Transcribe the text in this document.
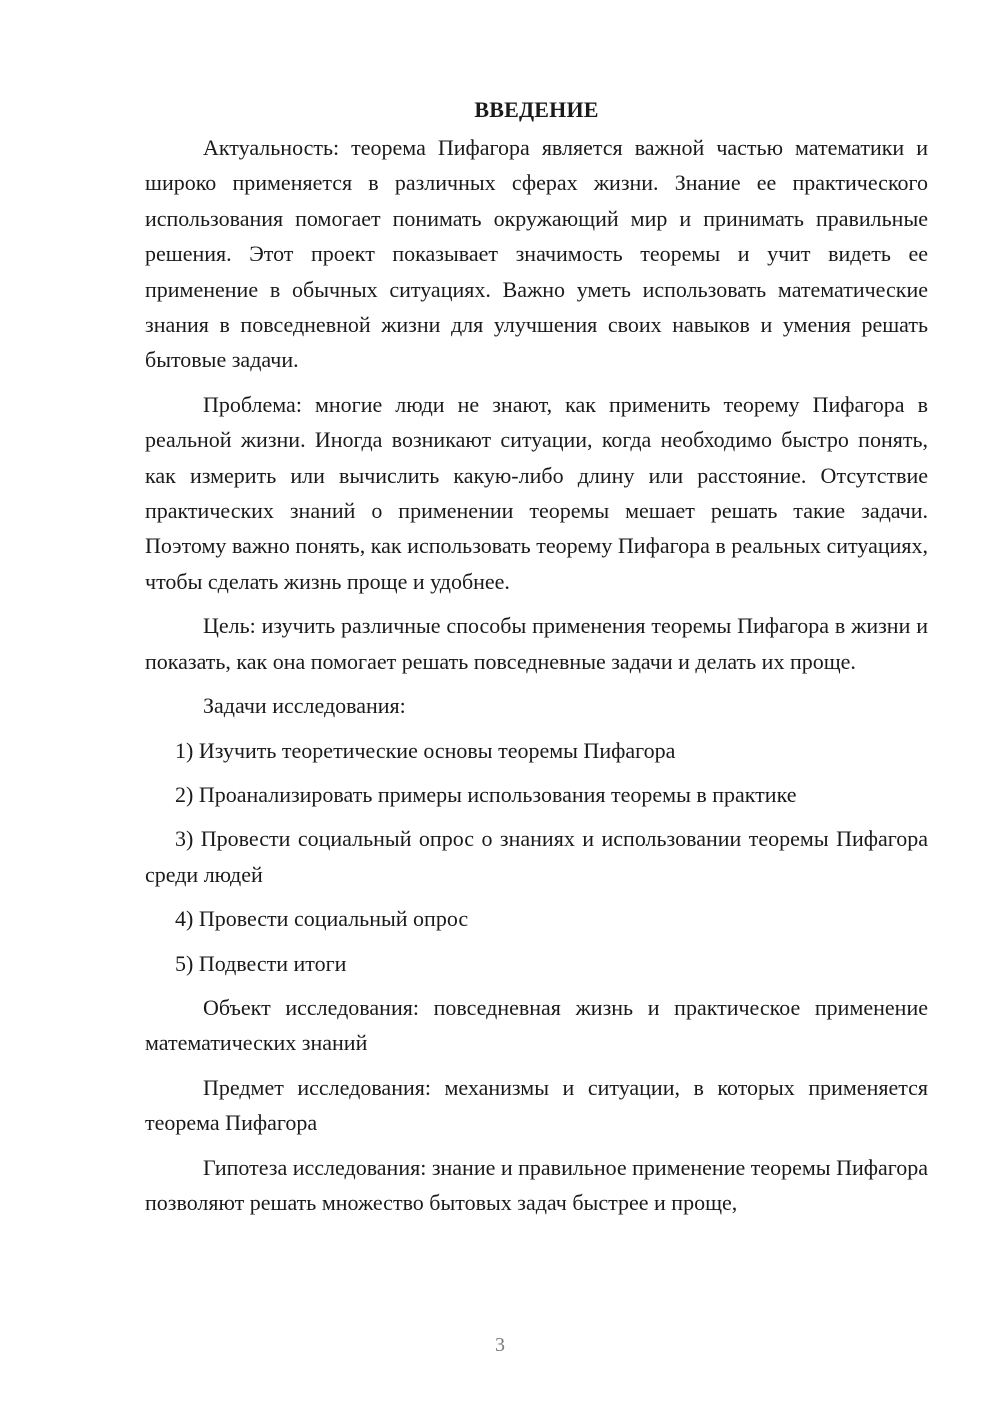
ВВЕДЕНИЕ

Актуальность: теорема Пифагора является важной частью математики и широко применяется в различных сферах жизни. Знание ее практического использования помогает понимать окружающий мир и принимать правильные решения. Этот проект показывает значимость теоремы и учит видеть ее применение в обычных ситуациях. Важно уметь использовать математические знания в повседневной жизни для улучшения своих навыков и умения решать бытовые задачи.

Проблема: многие люди не знают, как применить теорему Пифагора в реальной жизни. Иногда возникают ситуации, когда необходимо быстро понять, как измерить или вычислить какую-либо длину или расстояние. Отсутствие практических знаний о применении теоремы мешает решать такие задачи. Поэтому важно понять, как использовать теорему Пифагора в реальных ситуациях, чтобы сделать жизнь проще и удобнее.

Цель: изучить различные способы применения теоремы Пифагора в жизни и показать, как она помогает решать повседневные задачи и делать их проще.

Задачи исследования:

1) Изучить теоретические основы теоремы Пифагора

2) Проанализировать примеры использования теоремы в практике

3) Провести социальный опрос о знаниях и использовании теоремы Пифагора среди людей

4) Провести социальный опрос

5) Подвести итоги

Объект исследования: повседневная жизнь и практическое применение математических знаний

Предмет исследования: механизмы и ситуации, в которых применяется теорема Пифагора

Гипотеза исследования: знание и правильное применение теоремы Пифагора позволяют решать множество бытовых задач быстрее и проще,

3
